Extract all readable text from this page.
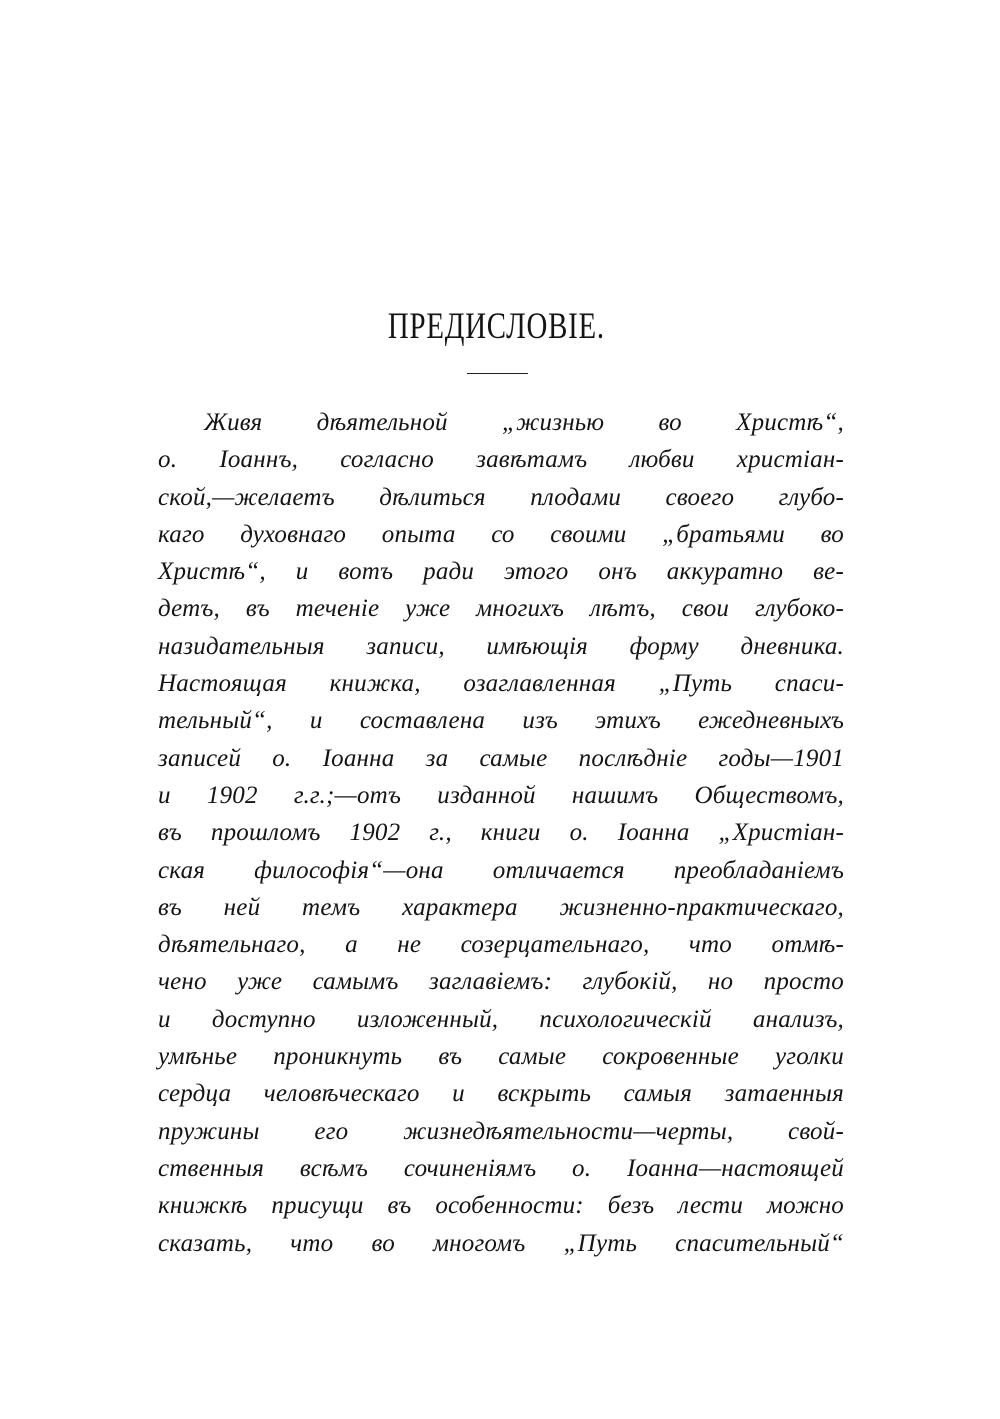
ПРЕДИСЛОВІЕ.
Живя дѣятельной „жизнью во Христѣ“,
о. Іоаннъ, согласно завѣтамъ любви христіан-
ской,—желаетъ дѣлиться плодами своего глубо-
каго духовнаго опыта со своими „братьями во
Христѣ“, и вотъ ради этого онъ аккуратно ве-
детъ, въ теченіе уже многихъ лѣтъ, свои глубоко-
назидательныя записи, имѣющія форму дневника.
Настоящая книжка, озаглавленная „Путь спаси-
тельный“, и составлена изъ этихъ ежедневныхъ
записей о. Іоанна за самые послѣдніе годы—1901
и 1902 г.г.;—отъ изданной нашимъ Обществомъ,
въ прошломъ 1902 г., книги о. Іоанна „Христіан-
ская философія“—она отличается преобладаніемъ
въ ней темъ характера жизненно-практическаго,
дѣятельнаго, а не созерцательнаго, что отмѣ-
чено уже самымъ заглавіемъ: глубокій, но просто
и доступно изложенный, психологическій анализъ,
умѣнье проникнуть въ самые сокровенные уголки
сердца человѣческаго и вскрыть самыя затаенныя
пружины его жизнедѣятельности—черты, свой-
ственныя всѣмъ сочиненіямъ о. Іоанна—настоящей
книжкѣ присущи въ особенности: безъ лести можно
сказать, что во многомъ „Путь спасительный“
